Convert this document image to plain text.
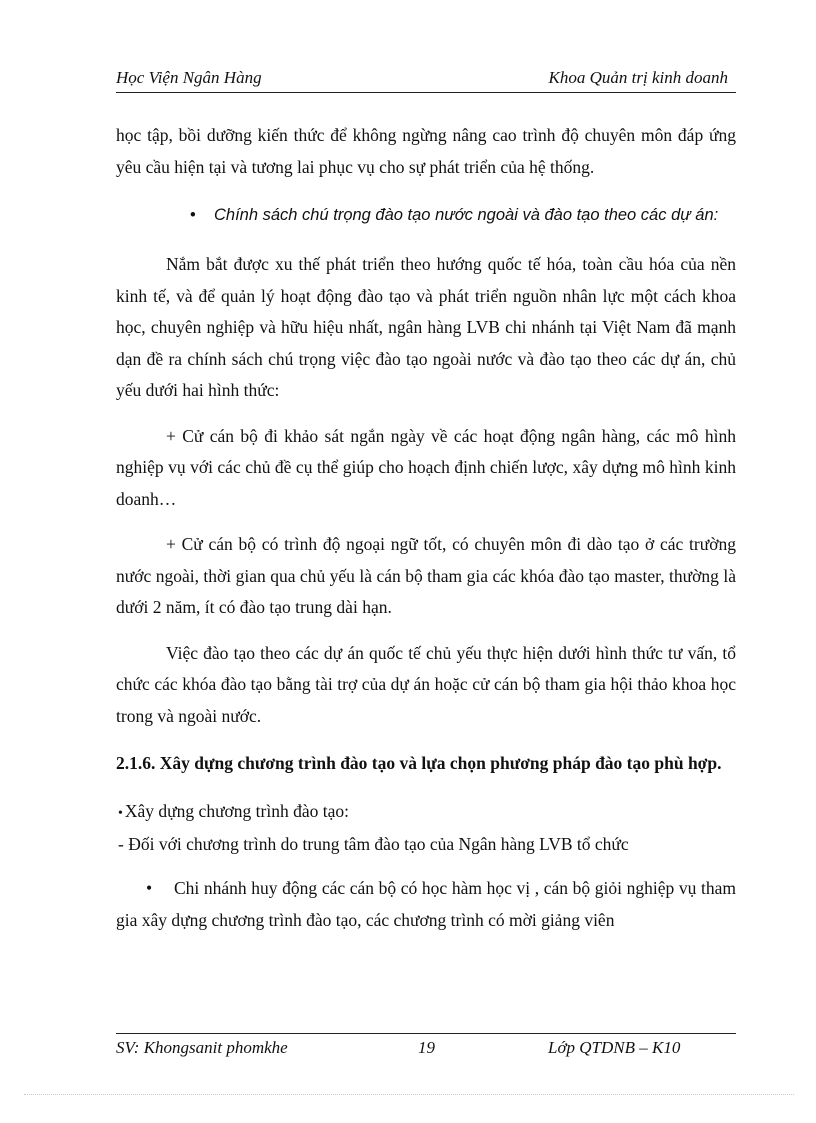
Học Viện Ngân Hàng	Khoa Quản trị kinh doanh

học tập, bồi dưỡng kiến thức để không ngừng nâng cao trình độ chuyên môn đáp ứng yêu cầu hiện tại và tương lai phục vụ cho sự phát triển của hệ thống.

• Chính sách chú trọng đào tạo nước ngoài và đào tạo theo các dự án:

Nắm bắt được xu thế phát triển theo hướng quốc tế hóa, toàn cầu hóa của nền kinh tế, và để quản lý hoạt động đào tạo và phát triển nguồn nhân lực một cách khoa học, chuyên nghiệp và hữu hiệu nhất, ngân hàng LVB chi nhánh tại Việt Nam đã mạnh dạn đề ra chính sách chú trọng việc đào tạo ngoài nước và đào tạo theo các dự án, chủ yếu dưới hai hình thức:

+ Cử cán bộ đi khảo sát ngắn ngày về các hoạt động ngân hàng, các mô hình nghiệp vụ với các chủ đề cụ thể giúp cho hoạch định chiến lược, xây dựng mô hình kinh doanh…

+ Cử cán bộ có trình độ ngoại ngữ tốt, có chuyên môn đi dào tạo ở các trường nước ngoài, thời gian qua chủ yếu là cán bộ tham gia các khóa đào tạo master, thường là dưới 2 năm, ít có đào tạo trung dài hạn.

Việc đào tạo theo các dự án quốc tế chủ yếu thực hiện dưới hình thức tư vấn, tổ chức các khóa đào tạo bằng tài trợ của dự án hoặc cử cán bộ tham gia hội thảo khoa học trong và ngoài nước.

2.1.6. Xây dựng chương trình đào tạo và lựa chọn phương pháp đào tạo phù hợp.

• Xây dựng chương trình đào tạo:

- Đối với chương trình do trung tâm đào tạo của Ngân hàng LVB tổ chức

• Chi nhánh huy động các cán bộ có học hàm học vị , cán bộ giỏi nghiệp vụ tham gia xây dựng chương trình đào tạo, các chương trình có mời giảng viên

SV: Khongsanit phomkhe	19	Lớp QTDNB – K10
